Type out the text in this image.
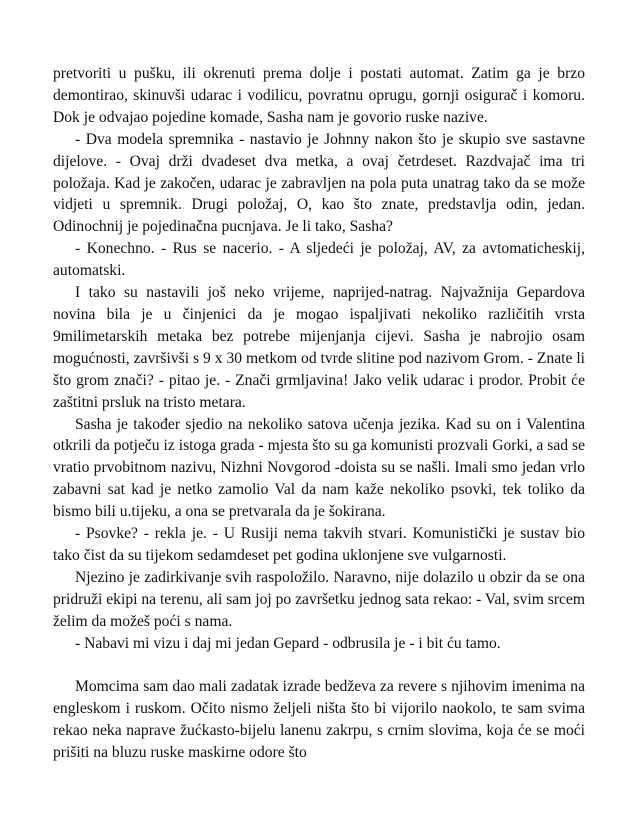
pretvoriti u pušku, ili okrenuti prema dolje i postati automat. Zatim ga je brzo demontirao, skinuvši udarac i vodilicu, povratnu oprugu, gornji osigurač i komoru. Dok je odvajao pojedine komade, Sasha nam je govorio ruske nazive.

- Dva modela spremnika - nastavio je Johnny nakon što je skupio sve sastavne dijelove. - Ovaj drži dvadeset dva metka, a ovaj četrdeset. Razdvajač ima tri položaja. Kad je zakočen, udarac je zabravljen na pola puta unatrag tako da se može vidjeti u spremnik. Drugi položaj, O, kao što znate, predstavlja odin, jedan. Odinochnij je pojedinačna pucnjava. Je li tako, Sasha?

- Konechno. - Rus se nacerio. - A sljedeći je položaj, AV, za avtomaticheskij, automatski.

I tako su nastavili još neko vrijeme, naprijed-natrag. Najvažnija Gepardova novina bila je u činjenici da je mogao ispaljivati nekoliko različitih vrsta 9milimetarskih metaka bez potrebe mijenjanja cijevi. Sasha je nabrojio osam mogućnosti, završivši s 9 x 30 metkom od tvrde slitine pod nazivom Grom. - Znate li što grom znači? - pitao je. - Znači grmljavina! Jako velik udarac i prodor. Probit će zaštitni prsluk na tristo metara.

Sasha je također sjedio na nekoliko satova učenja jezika. Kad su on i Valentina otkrili da potječu iz istoga grada - mjesta što su ga komunisti prozvali Gorki, a sad se vratio prvobitnom nazivu, Nizhni Novgorod -doista su se našli. Imali smo jedan vrlo zabavni sat kad je netko zamolio Val da nam kaže nekoliko psovki, tek toliko da bismo bili u.tijeku, a ona se pretvarala da je šokirana.

- Psovke? - rekla je. - U Rusiji nema takvih stvari. Komunistički je sustav bio tako čist da su tijekom sedamdeset pet godina uklonjene sve vulgarnosti.

Njezino je zadirkivanje svih raspoložilo. Naravno, nije dolazilo u obzir da se ona pridruži ekipi na terenu, ali sam joj po završetku jednog sata rekao: - Val, svim srcem želim da možeš poći s nama.

- Nabavi mi vizu i daj mi jedan Gepard - odbrusila je - i bit ću tamo.

Momcima sam dao mali zadatak izrade bedževa za revere s njihovim imenima na engleskom i ruskom. Očito nismo željeli ništa što bi vijorilo naokolo, te sam svima rekao neka naprave žućkasto-bijelu lanenu zakrpu, s crnim slovima, koja će se moći prišiti na bluzu ruske maskirne odore što
